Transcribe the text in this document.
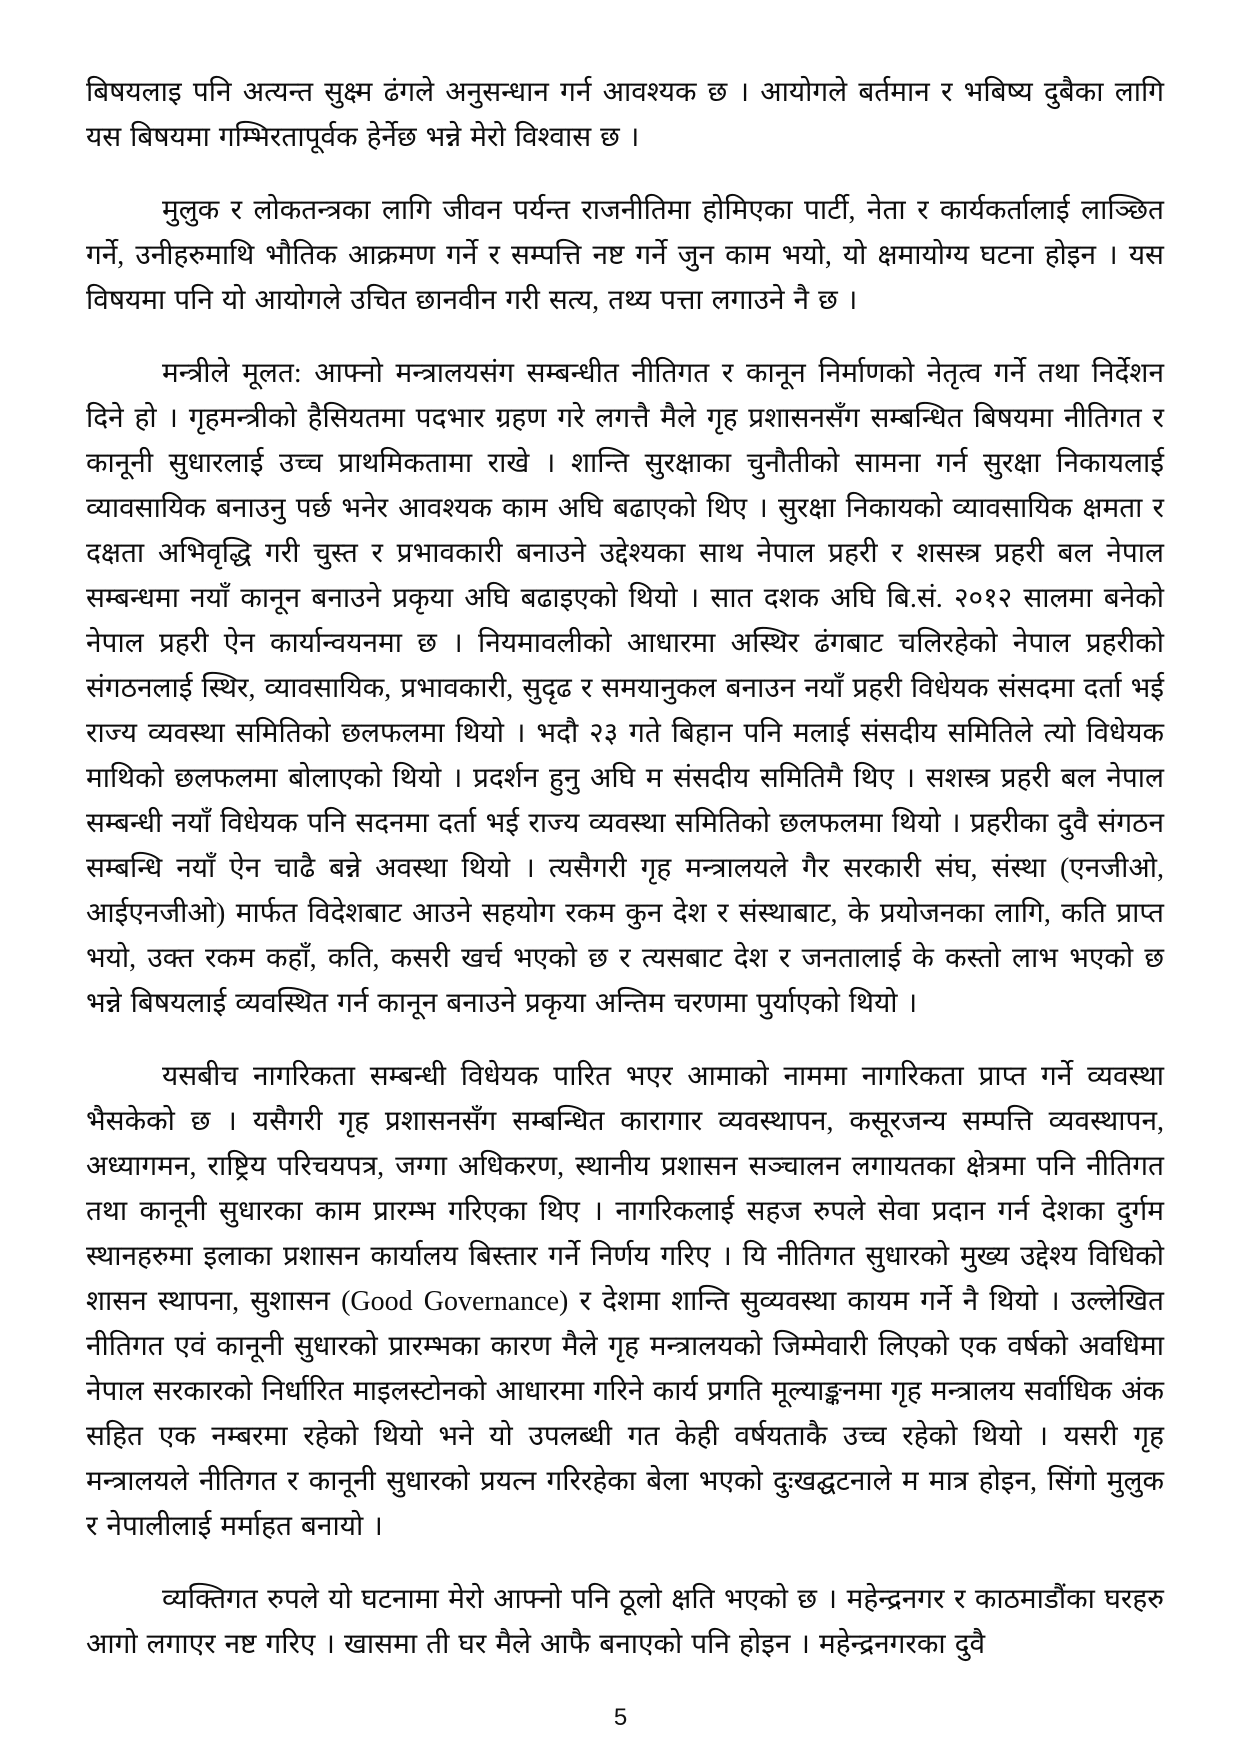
बिषयलाइ पनि अत्यन्त सुक्ष्म ढंगले अनुसन्धान गर्न आवश्यक छ । आयोगले बर्तमान र भबिष्य दुबैका लागि यस बिषयमा गम्भिरतापूर्वक हेर्नेछ भन्ने मेरो विश्वास छ ।

मुलुक र लोकतन्त्रका लागि जीवन पर्यन्त राजनीतिमा होमिएका पार्टी, नेता र कार्यकर्तालाई लाञ्छित गर्ने, उनीहरुमाथि भौतिक आक्रमण गर्ने र सम्पत्ति नष्ट गर्ने जुन काम भयो, यो क्षमायोग्य घटना होइन । यस विषयमा पनि यो आयोगले उचित छानवीन गरी सत्य, तथ्य पत्ता लगाउने नै छ ।

मन्त्रीले मूलत: आफ्नो मन्त्रालयसंग सम्बन्धीत नीतिगत र कानून निर्माणको नेतृत्व गर्ने तथा निर्देशन दिने हो । गृहमन्त्रीको हैसियतमा पदभार ग्रहण गरे लगत्तै मैले गृह प्रशासनसँग सम्बन्धित बिषयमा नीतिगत र कानूनी सुधारलाई उच्च प्राथमिकतामा राखे । शान्ति सुरक्षाका चुनौतीको सामना गर्न सुरक्षा निकायलाई व्यावसायिक बनाउनु पर्छ भनेर आवश्यक काम अघि बढाएको थिए । सुरक्षा निकायको व्यावसायिक क्षमता र दक्षता अभिवृद्धि गरी चुस्त र प्रभावकारी बनाउने उद्देश्यका साथ नेपाल प्रहरी र शसस्त्र प्रहरी बल नेपाल सम्बन्धमा नयाँ कानून बनाउने प्रकृया अघि बढाइएको थियो । सात दशक अघि बि.सं. २०१२ सालमा बनेको नेपाल प्रहरी ऐन कार्यान्वयनमा छ । नियमावलीको आधारमा अस्थिर ढंगबाट चलिरहेको नेपाल प्रहरीको संगठनलाई स्थिर, व्यावसायिक, प्रभावकारी, सुदृढ र समयानुकल बनाउन नयाँ प्रहरी विधेयक संसदमा दर्ता भई राज्य व्यवस्था समितिको छलफलमा थियो । भदौ २३ गते बिहान पनि मलाई संसदीय समितिले त्यो विधेयक माथिको छलफलमा बोलाएको थियो । प्रदर्शन हुनु अघि म संसदीय समितिमै थिए । सशस्त्र प्रहरी बल नेपाल सम्बन्धी नयाँ विधेयक पनि सदनमा दर्ता भई राज्य व्यवस्था समितिको छलफलमा थियो । प्रहरीका दुवै संगठन सम्बन्धि नयाँ ऐन चाढै बन्ने अवस्था थियो । त्यसैगरी गृह मन्त्रालयले गैर सरकारी संघ, संस्था (एनजीओ, आईएनजीओ) मार्फत विदेशबाट आउने सहयोग रकम कुन देश र संस्थाबाट, के प्रयोजनका लागि, कति प्राप्त भयो, उक्त रकम कहाँ, कति, कसरी खर्च भएको छ र त्यसबाट देश र जनतालाई के कस्तो लाभ भएको छ भन्ने बिषयलाई व्यवस्थित गर्न कानून बनाउने प्रकृया अन्तिम चरणमा पुर्याएको थियो ।

यसबीच नागरिकता सम्बन्धी विधेयक पारित भएर आमाको नाममा नागरिकता प्राप्त गर्ने व्यवस्था भैसकेको छ । यसैगरी गृह प्रशासनसँग सम्बन्धित कारागार व्यवस्थापन, कसूरजन्य सम्पत्ति व्यवस्थापन, अध्यागमन, राष्ट्रिय परिचयपत्र, जग्गा अधिकरण, स्थानीय प्रशासन सञ्चालन लगायतका क्षेत्रमा पनि नीतिगत तथा कानूनी सुधारका काम प्रारम्भ गरिएका थिए । नागरिकलाई सहज रुपले सेवा प्रदान गर्न देशका दुर्गम स्थानहरुमा इलाका प्रशासन कार्यालय बिस्तार गर्ने निर्णय गरिए । यि नीतिगत सुधारको मुख्य उद्देश्य विधिको शासन स्थापना, सुशासन (Good Governance) र देशमा शान्ति सुव्यवस्था कायम गर्ने नै थियो । उल्लेखित नीतिगत एवं कानूनी सुधारको प्रारम्भका कारण मैले गृह मन्त्रालयको जिम्मेवारी लिएको एक वर्षको अवधिमा नेपाल सरकारको निर्धारित माइलस्टोनको आधारमा गरिने कार्य प्रगति मूल्याङ्कनमा गृह मन्त्रालय सर्वाधिक अंक सहित एक नम्बरमा रहेको थियो भने यो उपलब्धी गत केही वर्षयताकै उच्च रहेको थियो । यसरी गृह मन्त्रालयले नीतिगत र कानूनी सुधारको प्रयत्न गरिरहेका बेला भएको दुःखद्घटनाले म मात्र होइन, सिंगो मुलुक र नेपालीलाई मर्माहत बनायो ।

व्यक्तिगत रुपले यो घटनामा मेरो आफ्नो पनि ठूलो क्षति भएको छ । महेन्द्रनगर र काठमाडौंका घरहरु आगो लगाएर नष्ट गरिए । खासमा ती घर मैले आफै बनाएको पनि होइन । महेन्द्रनगरका दुवै

5
